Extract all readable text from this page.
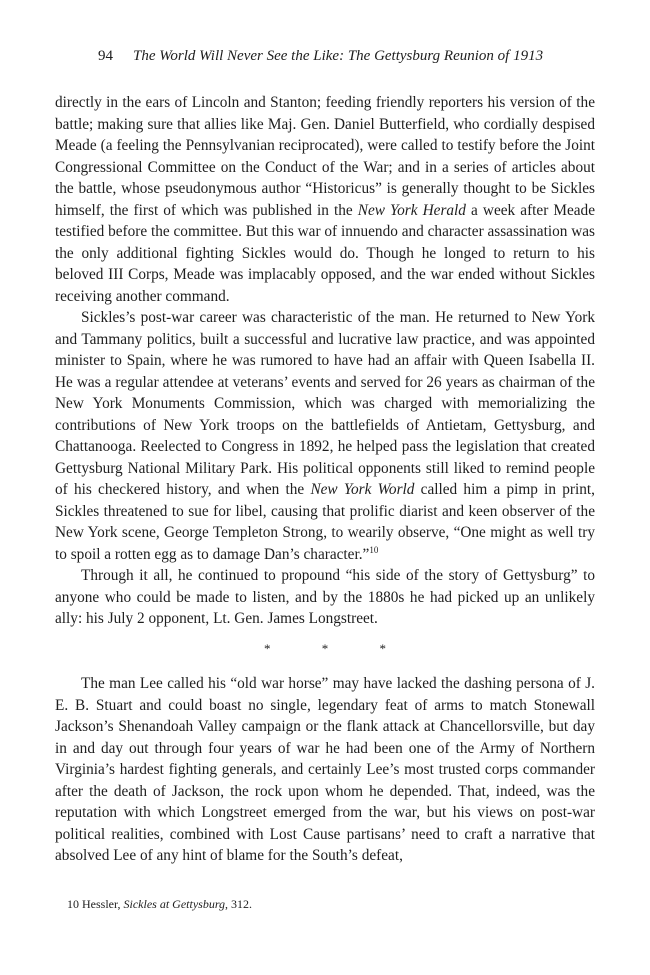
94 The World Will Never See the Like: The Gettysburg Reunion of 1913

directly in the ears of Lincoln and Stanton; feeding friendly reporters his version of the battle; making sure that allies like Maj. Gen. Daniel Butterfield, who cordially despised Meade (a feeling the Pennsylvanian reciprocated), were called to testify before the Joint Congressional Committee on the Conduct of the War; and in a series of articles about the battle, whose pseudonymous author “Historicus” is generally thought to be Sickles himself, the first of which was published in the New York Herald a week after Meade testified before the committee. But this war of innuendo and character assassination was the only additional fighting Sickles would do. Though he longed to return to his beloved III Corps, Meade was implacably opposed, and the war ended without Sickles receiving another command.

Sickles’s post-war career was characteristic of the man. He returned to New York and Tammany politics, built a successful and lucrative law practice, and was appointed minister to Spain, where he was rumored to have had an affair with Queen Isabella II. He was a regular attendee at veterans’ events and served for 26 years as chairman of the New York Monuments Commission, which was charged with memorializing the contributions of New York troops on the battlefields of Antietam, Gettysburg, and Chattanooga. Reelected to Congress in 1892, he helped pass the legislation that created Gettysburg National Military Park. His political opponents still liked to remind people of his checkered history, and when the New York World called him a pimp in print, Sickles threatened to sue for libel, causing that prolific diarist and keen observer of the New York scene, George Templeton Strong, to wearily observe, “One might as well try to spoil a rotten egg as to damage Dan’s character.”$^{10}$

Through it all, he continued to propound “his side of the story of Gettysburg” to anyone who could be made to listen, and by the 1880s he had picked up an unlikely ally: his July 2 opponent, Lt. Gen. James Longstreet.

* * *

The man Lee called his “old war horse” may have lacked the dashing persona of J. E. B. Stuart and could boast no single, legendary feat of arms to match Stonewall Jackson’s Shenandoah Valley campaign or the flank attack at Chancellorsville, but day in and day out through four years of war he had been one of the Army of Northern Virginia’s hardest fighting generals, and certainly Lee’s most trusted corps commander after the death of Jackson, the rock upon whom he depended. That, indeed, was the reputation with which Longstreet emerged from the war, but his views on post-war political realities, combined with Lost Cause partisans’ need to craft a narrative that absolved Lee of any hint of blame for the South’s defeat,

10 Hessler, Sickles at Gettysburg, 312.
